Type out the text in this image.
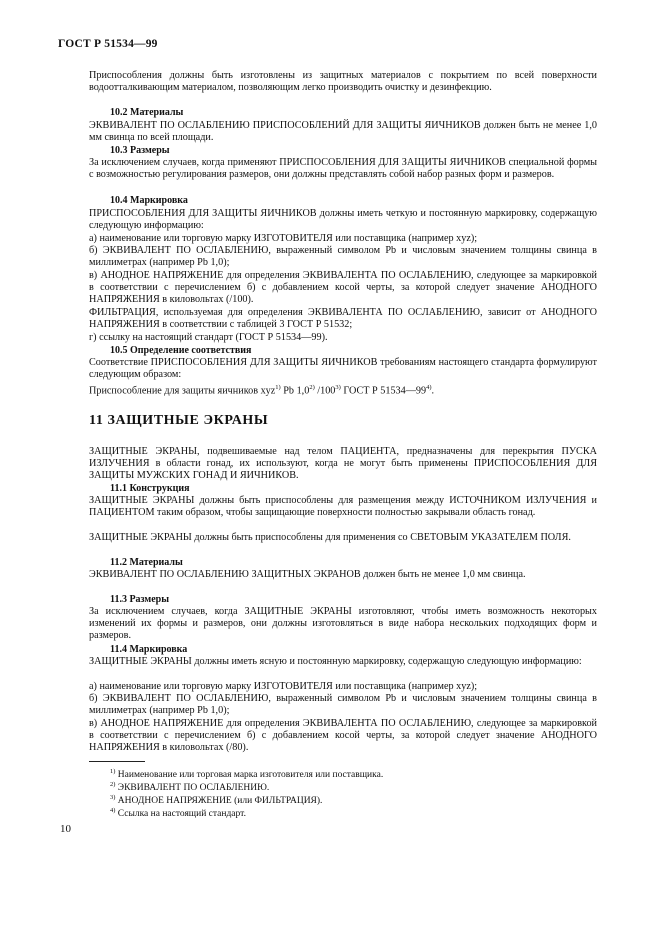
ГОСТ Р 51534—99
Приспособления должны быть изготовлены из защитных материалов с покрытием по всей поверхности водоотталкивающим материалом, позволяющим легко производить очистку и дезинфекцию.
10.2 Материалы
ЭКВИВАЛЕНТ ПО ОСЛАБЛЕНИЮ ПРИСПОСОБЛЕНИЙ ДЛЯ ЗАЩИТЫ ЯИЧНИКОВ должен быть не менее 1,0 мм свинца по всей площади.
10.3 Размеры
За исключением случаев, когда применяют ПРИСПОСОБЛЕНИЯ ДЛЯ ЗАЩИТЫ ЯИЧНИКОВ специальной формы с возможностью регулирования размеров, они должны представлять собой набор разных форм и размеров.
10.4 Маркировка
ПРИСПОСОБЛЕНИЯ ДЛЯ ЗАЩИТЫ ЯИЧНИКОВ должны иметь четкую и постоянную маркировку, содержащую следующую информацию:
а) наименование или торговую марку ИЗГОТОВИТЕЛЯ или поставщика (например xyz);
б) ЭКВИВАЛЕНТ ПО ОСЛАБЛЕНИЮ, выраженный символом Pb и числовым значением толщины свинца в миллиметрах (например Pb 1,0);
в) АНОДНОЕ НАПРЯЖЕНИЕ для определения ЭКВИВАЛЕНТА ПО ОСЛАБЛЕНИЮ, следующее за маркировкой в соответствии с перечислением б) с добавлением косой черты, за которой следует значение АНОДНОГО НАПРЯЖЕНИЯ в киловольтах (/100).
ФИЛЬТРАЦИЯ, используемая для определения ЭКВИВАЛЕНТА ПО ОСЛАБЛЕНИЮ, зависит от АНОДНОГО НАПРЯЖЕНИЯ в соответствии с таблицей 3 ГОСТ Р 51532;
г) ссылку на настоящий стандарт (ГОСТ Р 51534—99).
10.5 Определение соответствия
Соответствие ПРИСПОСОБЛЕНИЯ ДЛЯ ЗАЩИТЫ ЯИЧНИКОВ требованиям настоящего стандарта формулируют следующим образом:
Приспособление для защиты яичников xyz$^{1)}$ Pb 1,0$^{2)}$ /100$^{3)}$ ГОСТ Р 51534—99$^{4)}$.
11 ЗАЩИТНЫЕ ЭКРАНЫ
ЗАЩИТНЫЕ ЭКРАНЫ, подвешиваемые над телом ПАЦИЕНТА, предназначены для перекрытия ПУСКА ИЗЛУЧЕНИЯ в области гонад, их используют, когда не могут быть применены ПРИСПОСОБЛЕНИЯ ДЛЯ ЗАЩИТЫ МУЖСКИХ ГОНАД И ЯИЧНИКОВ.
11.1 Конструкция
ЗАЩИТНЫЕ ЭКРАНЫ должны быть приспособлены для размещения между ИСТОЧНИКОМ ИЗЛУЧЕНИЯ и ПАЦИЕНТОМ таким образом, чтобы защищающие поверхности полностью закрывали область гонад.
ЗАЩИТНЫЕ ЭКРАНЫ должны быть приспособлены для применения со СВЕТОВЫМ УКАЗАТЕЛЕМ ПОЛЯ.
11.2 Материалы
ЭКВИВАЛЕНТ ПО ОСЛАБЛЕНИЮ ЗАЩИТНЫХ ЭКРАНОВ должен быть не менее 1,0 мм свинца.
11.3 Размеры
За исключением случаев, когда ЗАЩИТНЫЕ ЭКРАНЫ изготовляют, чтобы иметь возможность некоторых изменений их формы и размеров, они должны изготовляться в виде набора нескольких подходящих форм и размеров.
11.4 Маркировка
ЗАЩИТНЫЕ ЭКРАНЫ должны иметь ясную и постоянную маркировку, содержащую следующую информацию:
а) наименование или торговую марку ИЗГОТОВИТЕЛЯ или поставщика (например xyz);
б) ЭКВИВАЛЕНТ ПО ОСЛАБЛЕНИЮ, выраженный символом Pb и числовым значением толщины свинца в миллиметрах (например Pb 1,0);
в) АНОДНОЕ НАПРЯЖЕНИЕ для определения ЭКВИВАЛЕНТА ПО ОСЛАБЛЕНИЮ, следующее за маркировкой в соответствии с перечислением б) с добавлением косой черты, за которой следует значение АНОДНОГО НАПРЯЖЕНИЯ в киловольтах (/80).
$^{1)}$ Наименование или торговая марка изготовителя или поставщика.
$^{2)}$ ЭКВИВАЛЕНТ ПО ОСЛАБЛЕНИЮ.
$^{3)}$ АНОДНОЕ НАПРЯЖЕНИЕ (или ФИЛЬТРАЦИЯ).
$^{4)}$ Ссылка на настоящий стандарт.
10
